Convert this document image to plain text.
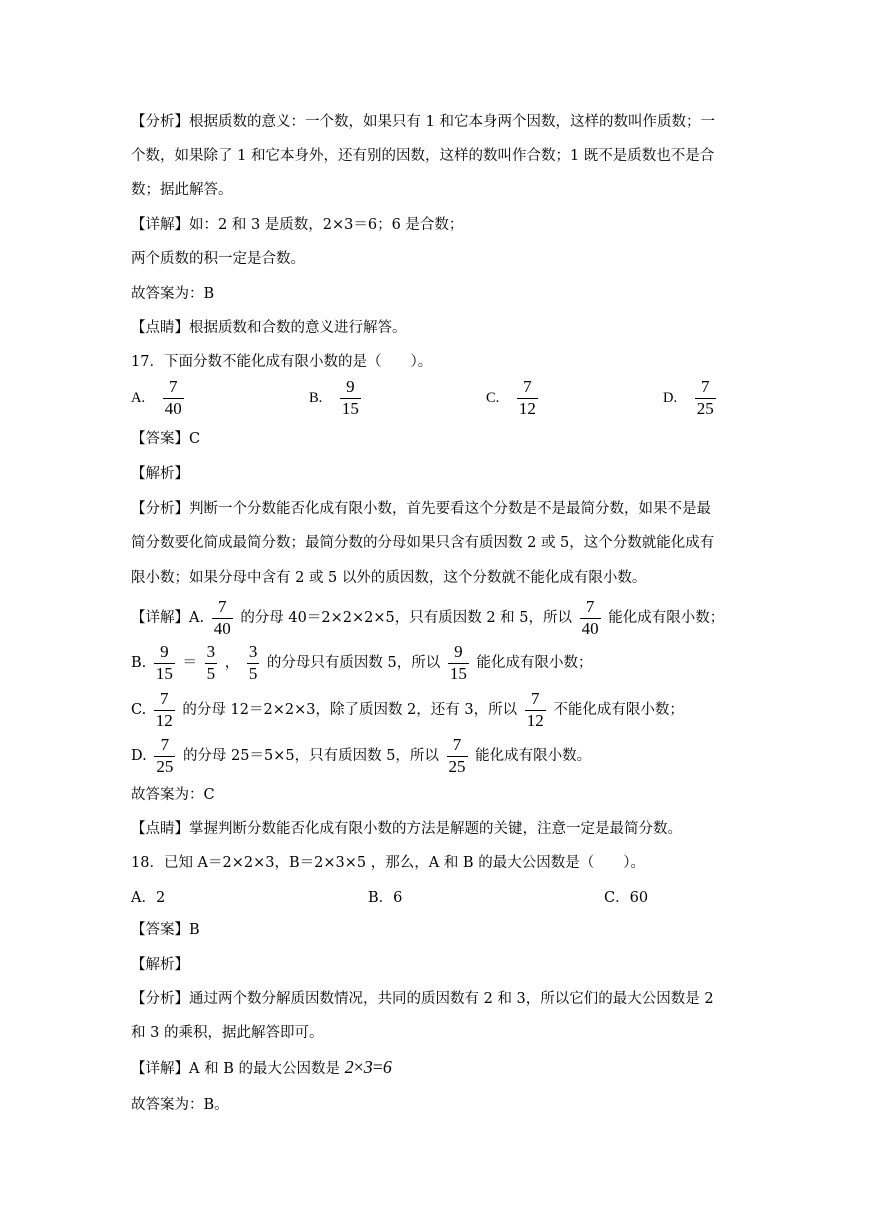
【分析】根据质数的意义：一个数，如果只有 1 和它本身两个因数，这样的数叫作质数；一
个数，如果除了 1 和它本身外，还有别的因数，这样的数叫作合数；1 既不是质数也不是合
数；据此解答。
【详解】如：2 和 3 是质数，2×3＝6；6 是合数；
两个质数的积一定是合数。
故答案为：B
【点睛】根据质数和合数的意义进行解答。
17．下面分数不能化成有限小数的是（　　）。
A. $\frac{7}{40}$	B. $\frac{9}{15}$	C. $\frac{7}{12}$	D. $\frac{7}{25}$
【答案】C
【解析】
【分析】判断一个分数能否化成有限小数，首先要看这个分数是不是最简分数，如果不是最
简分数要化简成最简分数；最简分数的分母如果只含有质因数 2 或 5，这个分数就能化成有
限小数；如果分母中含有 2 或 5 以外的质因数，这个分数就不能化成有限小数。
【详解】A. $\frac{7}{40}$ 的分母 40＝2×2×2×5，只有质因数 2 和 5，所以 $\frac{7}{40}$ 能化成有限小数；
B. $\frac{9}{15} = \frac{3}{5}$ ， $\frac{3}{5}$ 的分母只有质因数 5，所以 $\frac{9}{15}$ 能化成有限小数；
C. $\frac{7}{12}$ 的分母 12＝2×2×3，除了质因数 2，还有 3，所以 $\frac{7}{12}$ 不能化成有限小数；
D. $\frac{7}{25}$ 的分母 25＝5×5，只有质因数 5，所以 $\frac{7}{25}$ 能化成有限小数。
故答案为：C
【点睛】掌握判断分数能否化成有限小数的方法是解题的关键，注意一定是最简分数。
18．已知 A＝2×2×3，B＝2×3×5 ，那么，A 和 B 的最大公因数是（　　）。
A．2	B．6	C．60
【答案】B
【解析】
【分析】通过两个数分解质因数情况，共同的质因数有 2 和 3，所以它们的最大公因数是 2
和 3 的乘积，据此解答即可。
【详解】A 和 B 的最大公因数是 2×3=6
故答案为：B。
